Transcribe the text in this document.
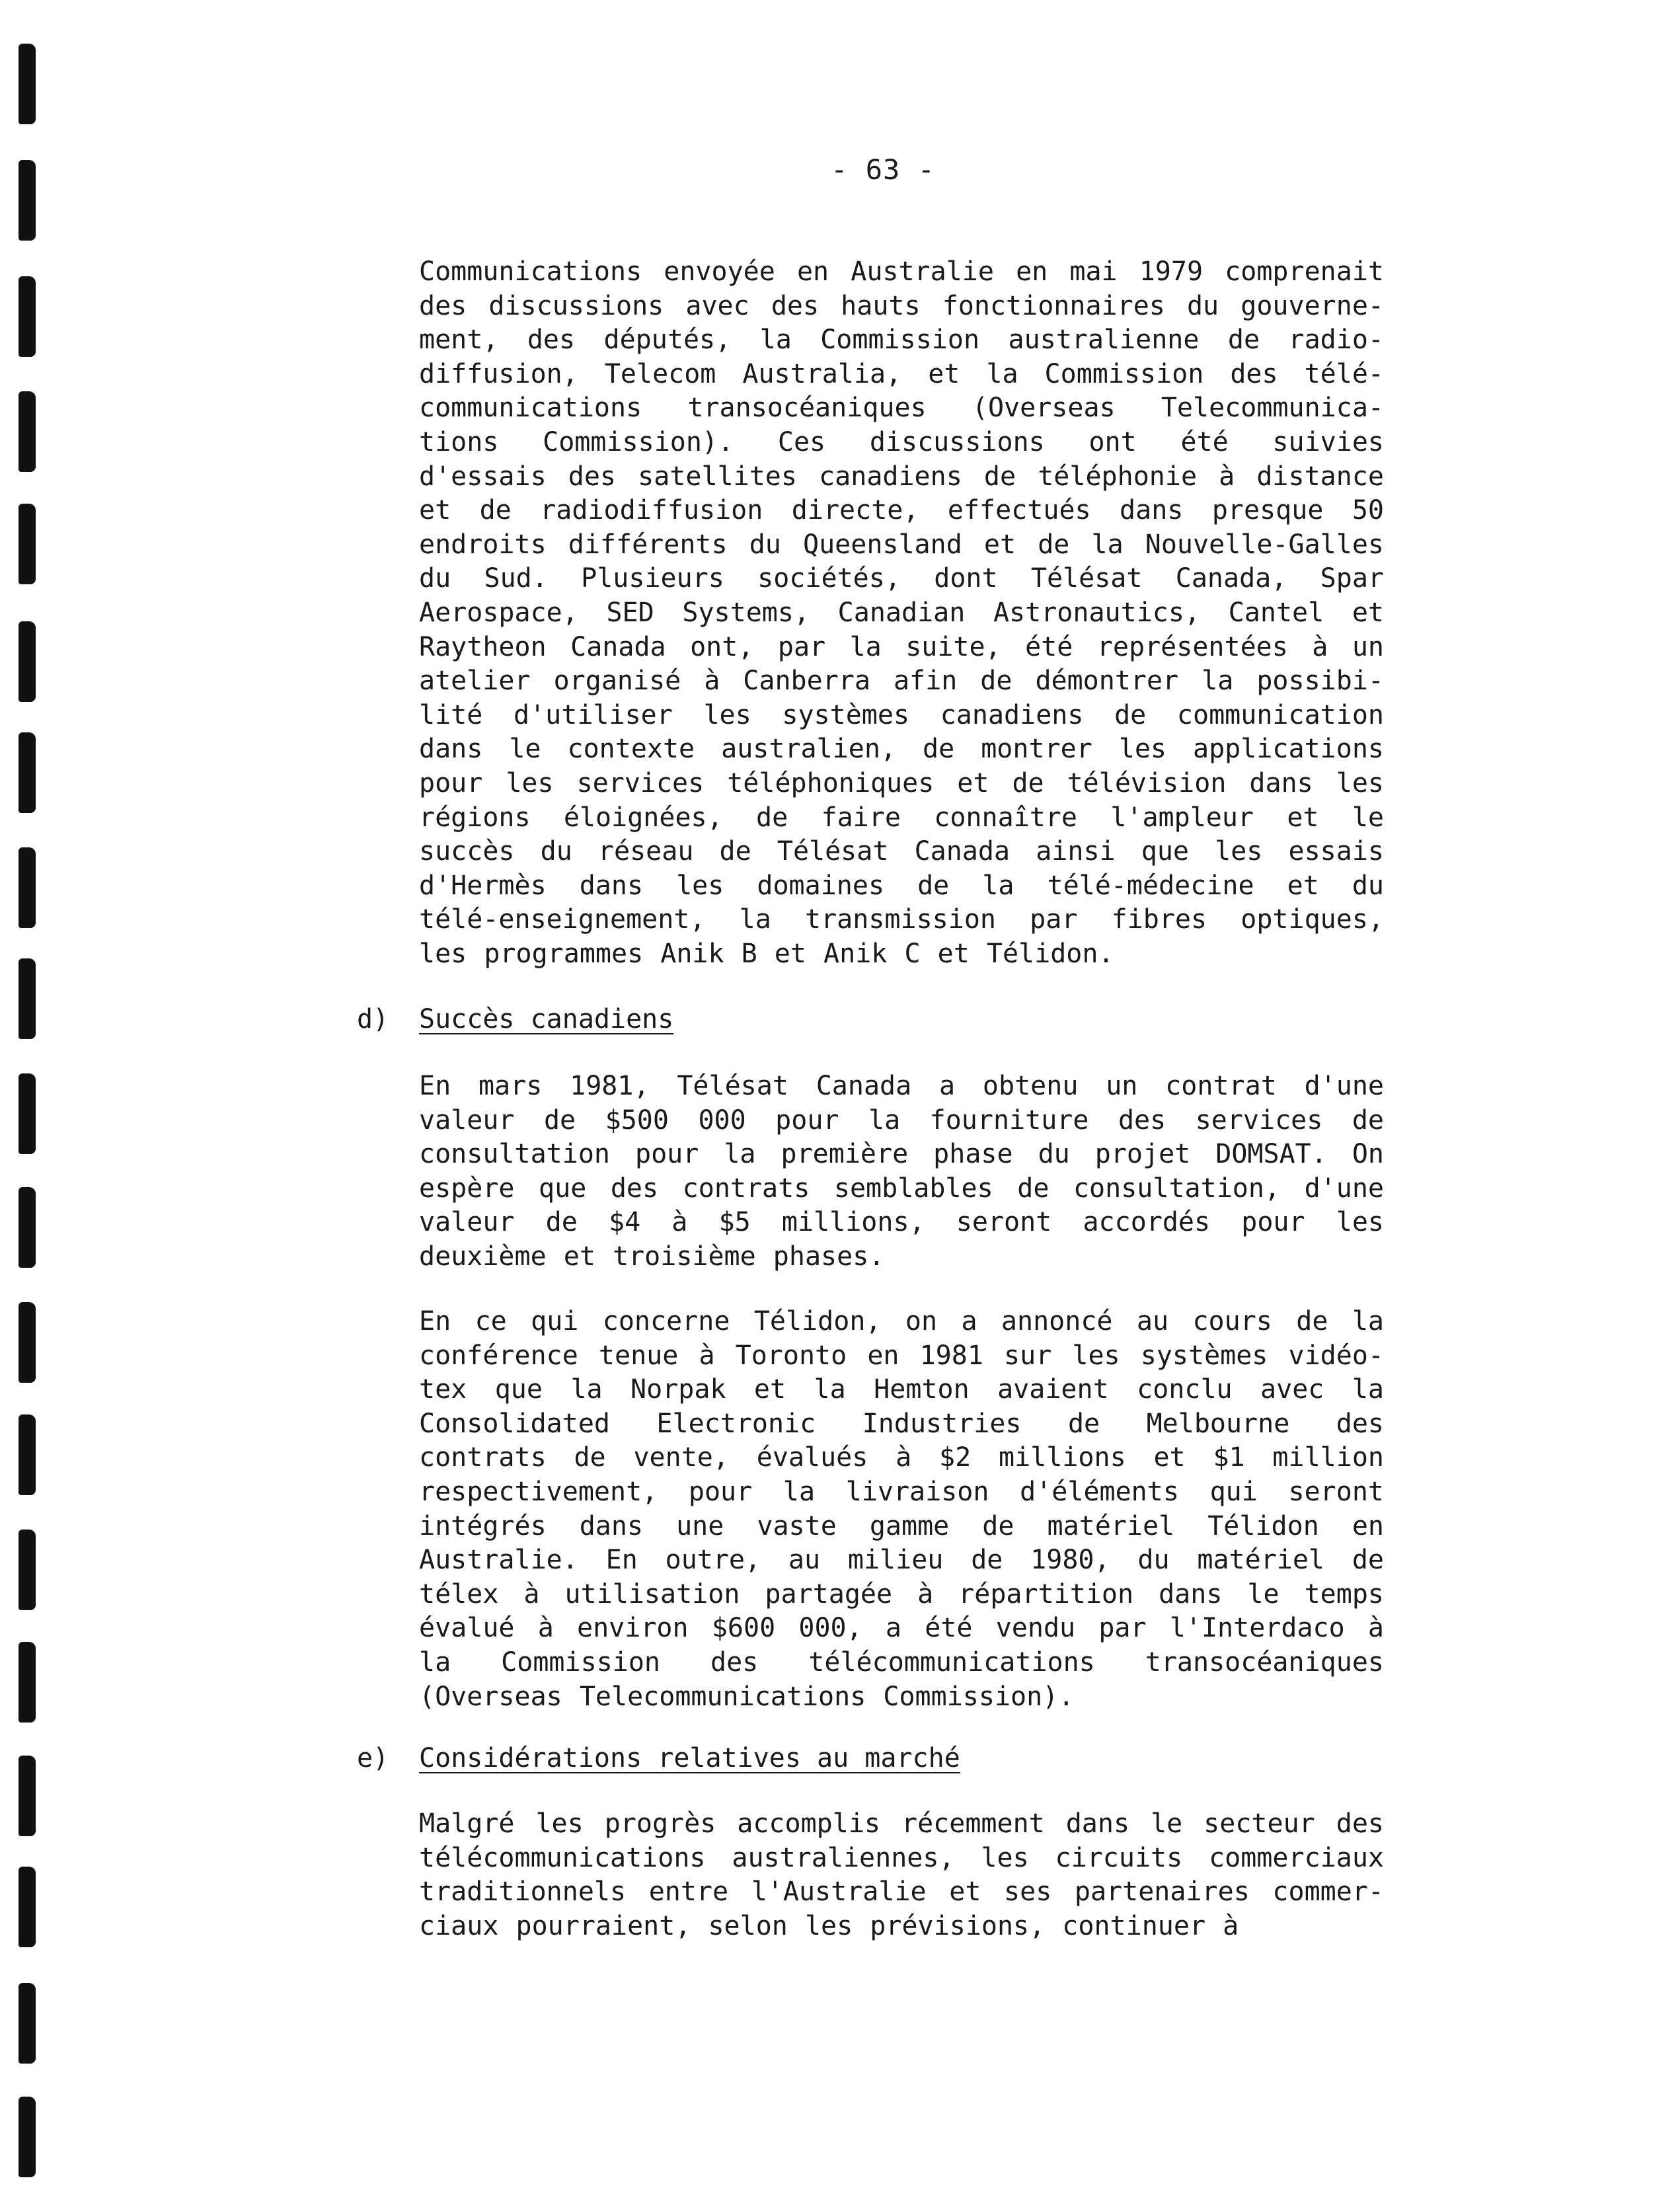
- 63 -
Communications envoyée en Australie en mai 1979 comprenait
des discussions avec des hauts fonctionnaires du gouverne-
ment, des députés, la Commission australienne de radio-
diffusion, Telecom Australia, et la Commission des télé-
communications transocéaniques (Overseas Telecommunica-
tions Commission). Ces discussions ont été suivies
d'essais des satellites canadiens de téléphonie à distance
et de radiodiffusion directe, effectués dans presque 50
endroits différents du Queensland et de la Nouvelle-Galles
du Sud. Plusieurs sociétés, dont Télésat Canada, Spar
Aerospace, SED Systems, Canadian Astronautics, Cantel et
Raytheon Canada ont, par la suite, été représentées à un
atelier organisé à Canberra afin de démontrer la possibi-
lité d'utiliser les systèmes canadiens de communication
dans le contexte australien, de montrer les applications
pour les services téléphoniques et de télévision dans les
régions éloignées, de faire connaître l'ampleur et le
succès du réseau de Télésat Canada ainsi que les essais
d'Hermès dans les domaines de la télé-médecine et du
télé-enseignement, la transmission par fibres optiques,
les programmes Anik B et Anik C et Télidon.
d) Succès canadiens
En mars 1981, Télésat Canada a obtenu un contrat d'une
valeur de $500 000 pour la fourniture des services de
consultation pour la première phase du projet DOMSAT. On
espère que des contrats semblables de consultation, d'une
valeur de $4 à $5 millions, seront accordés pour les
deuxième et troisième phases.
En ce qui concerne Télidon, on a annoncé au cours de la
conférence tenue à Toronto en 1981 sur les systèmes vidéo-
tex que la Norpak et la Hemton avaient conclu avec la
Consolidated Electronic Industries de Melbourne des
contrats de vente, évalués à $2 millions et $1 million
respectivement, pour la livraison d'éléments qui seront
intégrés dans une vaste gamme de matériel Télidon en
Australie. En outre, au milieu de 1980, du matériel de
télex à utilisation partagée à répartition dans le temps
évalué à environ $600 000, a été vendu par l'Interdaco à
la Commission des télécommunications transocéaniques
(Overseas Telecommunications Commission).
e) Considérations relatives au marché
Malgré les progrès accomplis récemment dans le secteur des
télécommunications australiennes, les circuits commerciaux
traditionnels entre l'Australie et ses partenaires commer-
ciaux pourraient, selon les prévisions, continuer à
